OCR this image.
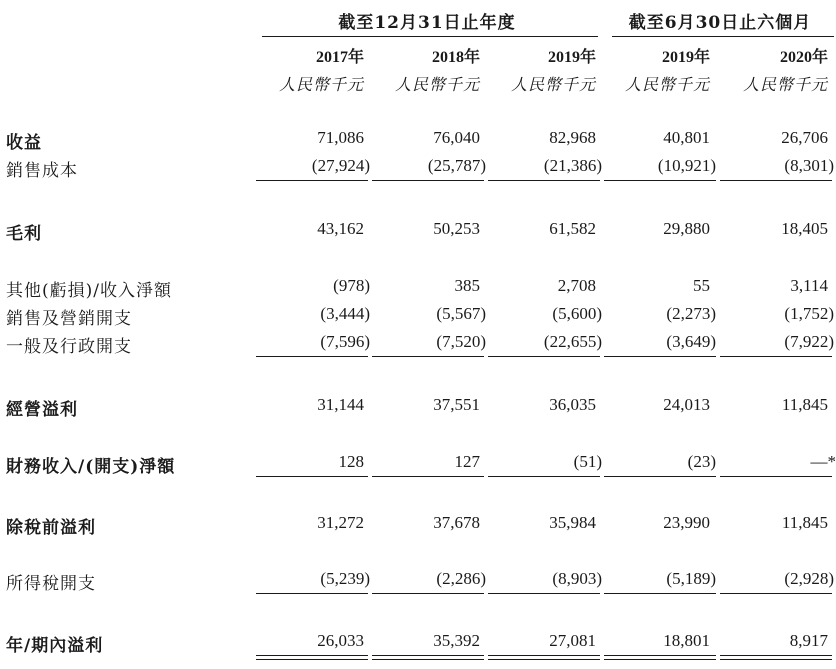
截至12月31日止年度	截至6月30日止六個月
2017年	2018年	2019年	2019年	2020年
人民幣千元 人民幣千元 人民幣千元 人民幣千元 人民幣千元
收益	71,086	76,040	82,968	40,801	26,706
銷售成本	(27,924)	(25,787)	(21,386)	(10,921)	(8,301)
毛利	43,162	50,253	61,582	29,880	18,405
其他(虧損)/收入淨額	(978)	385	2,708	55	3,114
銷售及營銷開支	(3,444)	(5,567)	(5,600)	(2,273)	(1,752)
一般及行政開支	(7,596)	(7,520)	(22,655)	(3,649)	(7,922)
經營溢利	31,144	37,551	36,035	24,013	11,845
財務收入/(開支)淨額	128	127	(51)	(23)	—*
除稅前溢利	31,272	37,678	35,984	23,990	11,845
所得稅開支	(5,239)	(2,286)	(8,903)	(5,189)	(2,928)
年/期內溢利	26,033	35,392	27,081	18,801	8,917
